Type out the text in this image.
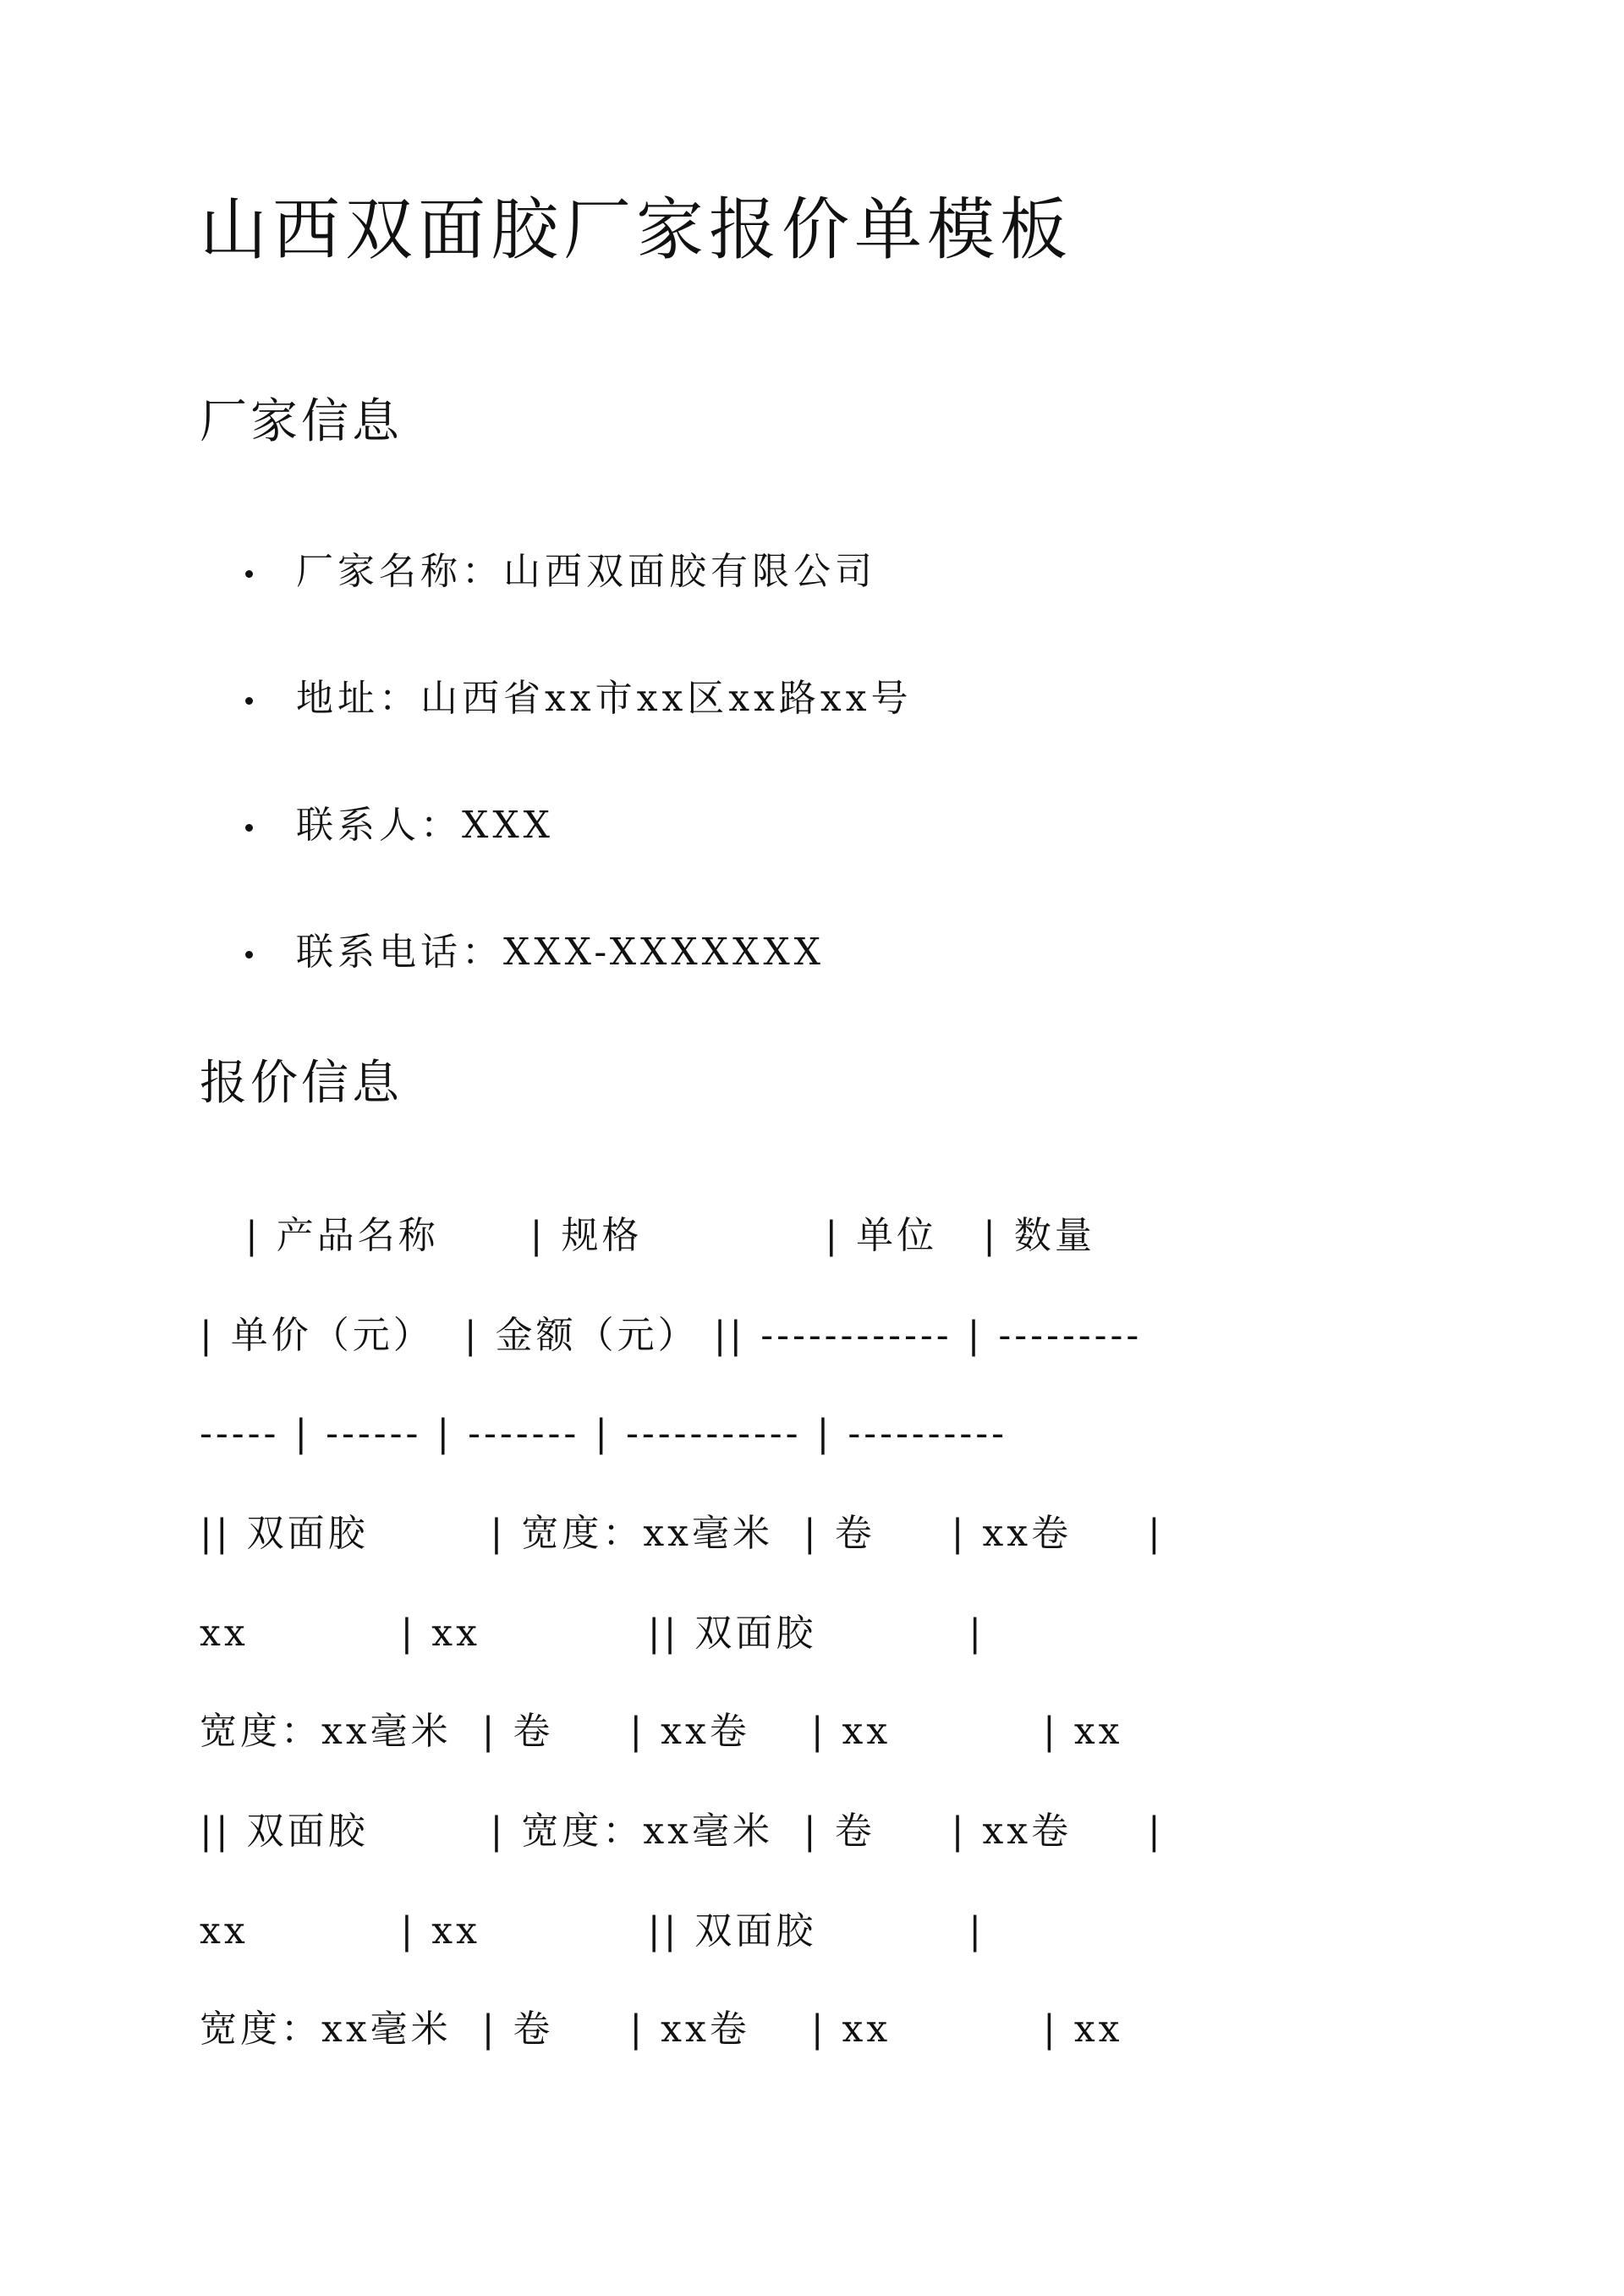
山西双面胶厂家报价单模板
厂家信息
厂家名称：山西双面胶有限公司
地址：山西省xx市xx区xx路xx号
联系人：XXX
联系电话：XXX-XXXXXXX
报价信息
| 产品名称      | 规格            | 单位   | 数量
| 单价（元）  | 金额（元） || ------------ | ---------
----- | ------ | ------- | ----------- | ----------
|| 双面胶        | 宽度：xx毫米  | 卷     | xx卷     |
xx          | xx           || 双面胶          |
宽度：xx毫米  | 卷     | xx卷    | xx          | xx
|| 双面胶        | 宽度：xx毫米  | 卷     | xx卷     |
xx          | xx           || 双面胶          |
宽度：xx毫米  | 卷     | xx卷    | xx          | xx
